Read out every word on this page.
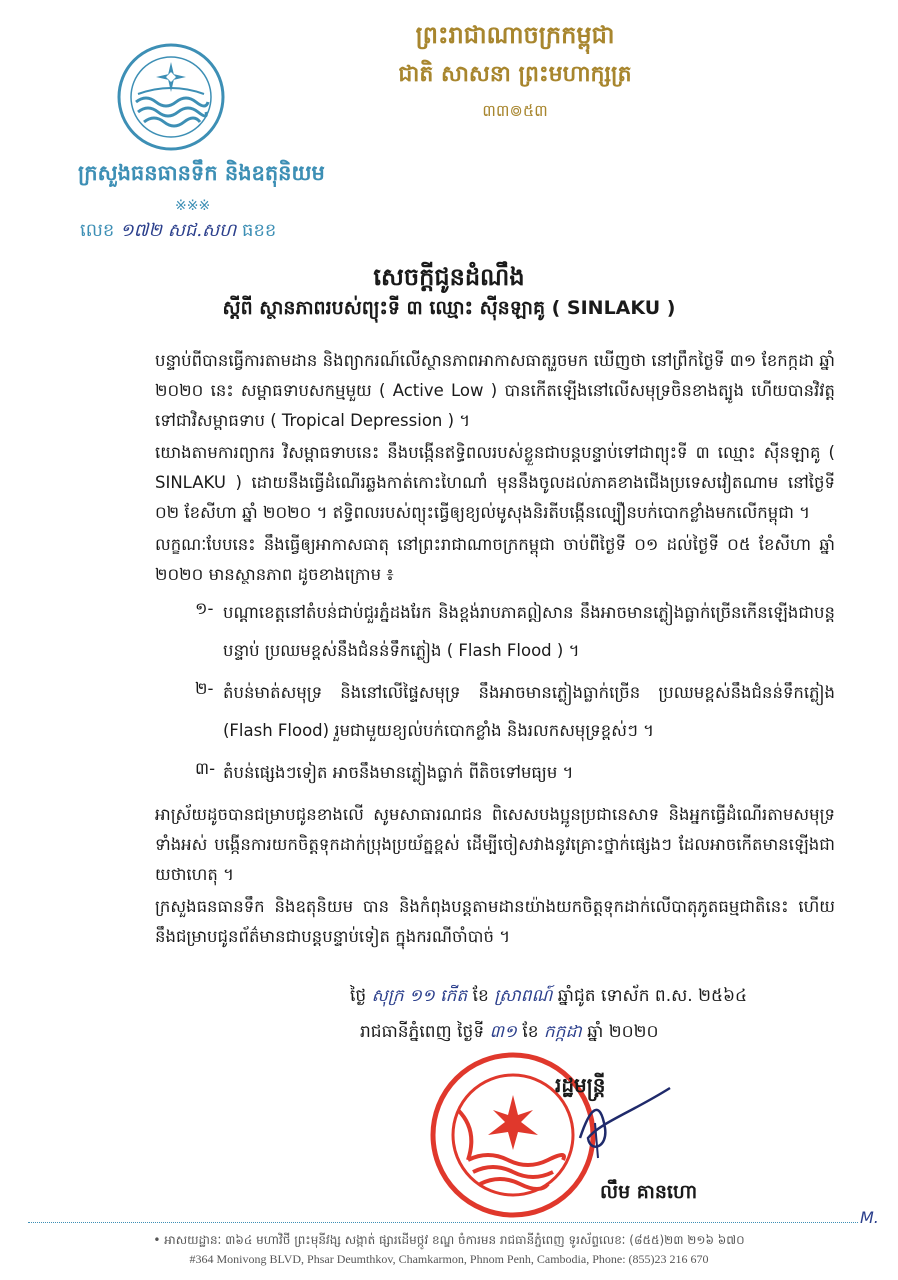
ព្រះរាជាណាចក្រកម្ពុជា
ជាតិ សាសនា ព្រះមហាក្សត្រ
៣៣៙៥៣
ក្រសួងធនធានទឹក និងឧតុនិយម
※※※
លេខ ១៧២ សជ.សហ ធខខ
សេចក្តីជូនដំណឹង
ស្តីពី ស្ថានភាពរបស់ព្យុះទី ៣ ឈ្មោះ ស៊ីនឡាគូ ( SINLAKU )

បន្ទាប់ពីបានធ្វើការតាមដាន និងព្យាករណ៍លើស្ថានភាពអាកាសធាតុរួចមក ឃើញថា នៅព្រឹកថ្ងៃទី ៣១ ខែកក្កដា ឆ្នាំ ២០២០ នេះ សម្ពាធទាបសកម្មមួយ ( Active Low ) បានកើតឡើងនៅលើសមុទ្រចិនខាងត្បូង ហើយបានវិវត្តទៅជាវិសម្ពាធទាប ( Tropical Depression ) ។

យោងតាមការព្យាករ វិសម្ពាធទាបនេះ នឹងបង្កើនឥទ្ធិពលរបស់ខ្លួនជាបន្តបន្ទាប់ទៅជាព្យុះទី ៣ ឈ្មោះ ស៊ីនឡាគូ ( SINLAKU ) ដោយនឹងធ្វើដំណើរឆ្លងកាត់កោះហៃណាំ មុននឹងចូលដល់ភាគខាងជើងប្រទេសវៀតណាម នៅថ្ងៃទី ០២ ខែសីហា ឆ្នាំ ២០២០ ។ ឥទ្ធិពលរបស់ព្យុះធ្វើឲ្យខ្យល់មូសុងនិរតីបង្កើនល្បឿនបក់បោកខ្លាំងមកលើកម្ពុជា ។

លក្ខណៈបែបនេះ នឹងធ្វើឲ្យអាកាសធាតុ នៅព្រះរាជាណាចក្រកម្ពុជា ចាប់ពីថ្ងៃទី ០១ ដល់ថ្ងៃទី ០៥ ខែសីហា ឆ្នាំ ២០២០ មានស្ថានភាព ដូចខាងក្រោម ៖

១- បណ្តាខេត្តនៅតំបន់ជាប់ជួរភ្នំដងរែក និងខ្ពង់រាបភាគឦសាន នឹងអាចមានភ្លៀងធ្លាក់ច្រើនកើនឡើងជាបន្តបន្ទាប់ ប្រឈមខ្ពស់នឹងជំនន់ទឹកភ្លៀង ( Flash Flood ) ។
២- តំបន់មាត់សមុទ្រ និងនៅលើផ្ទៃសមុទ្រ នឹងអាចមានភ្លៀងធ្លាក់ច្រើន ប្រឈមខ្ពស់នឹងជំនន់ទឹកភ្លៀង (Flash Flood) រួមជាមួយខ្យល់បក់បោកខ្លាំង និងរលកសមុទ្រខ្ពស់ៗ ។
៣- តំបន់ផ្សេងៗទៀត អាចនឹងមានភ្លៀងធ្លាក់ ពីតិចទៅមធ្យម ។

អាស្រ័យដូចបានជម្រាបជូនខាងលើ សូមសាធារណជន ពិសេសបងប្អូនប្រជានេសាទ និងអ្នកធ្វើដំណើរតាមសមុទ្រទាំងអស់ បង្កើនការយកចិត្តទុកដាក់ប្រុងប្រយ័ត្នខ្ពស់ ដើម្បីចៀសវាងនូវគ្រោះថ្នាក់ផ្សេងៗ ដែលអាចកើតមានឡើងជាយថាហេតុ ។

ក្រសួងធនធានទឹក និងឧតុនិយម បាន និងកំពុងបន្តតាមដានយ៉ាងយកចិត្តទុកដាក់លើបាតុភូតធម្មជាតិនេះ ហើយនឹងជម្រាបជូនព័ត៌មានជាបន្តបន្ទាប់ទៀត ក្នុងករណីចាំបាច់ ។

ថ្ងៃ សុក្រ ១១ កើត ខែ ស្រាពណ៍ ឆ្នាំជូត ទោស័ក ព.ស. ២៥៦៤
រាជធានីភ្នំពេញ ថ្ងៃទី ៣១ ខែ កក្កដា ឆ្នាំ ២០២០
រដ្ឋមន្ត្រី
លឹម គានហោ
M.
• អាសយដ្ឋានៈ ៣៦៤ មហាវិថី ព្រះមុនីវង្ស សង្កាត់ ផ្សារដើមថ្កូវ ខណ្ឌ ចំការមន រាជធានីភ្នំពេញ ទូរស័ព្ទលេខៈ (៨៥៥)២៣ ២១៦ ៦៧០
#364 Monivong BLVD, Phsar Deumthkov, Chamkarmon, Phnom Penh, Cambodia, Phone: (855)23 216 670
